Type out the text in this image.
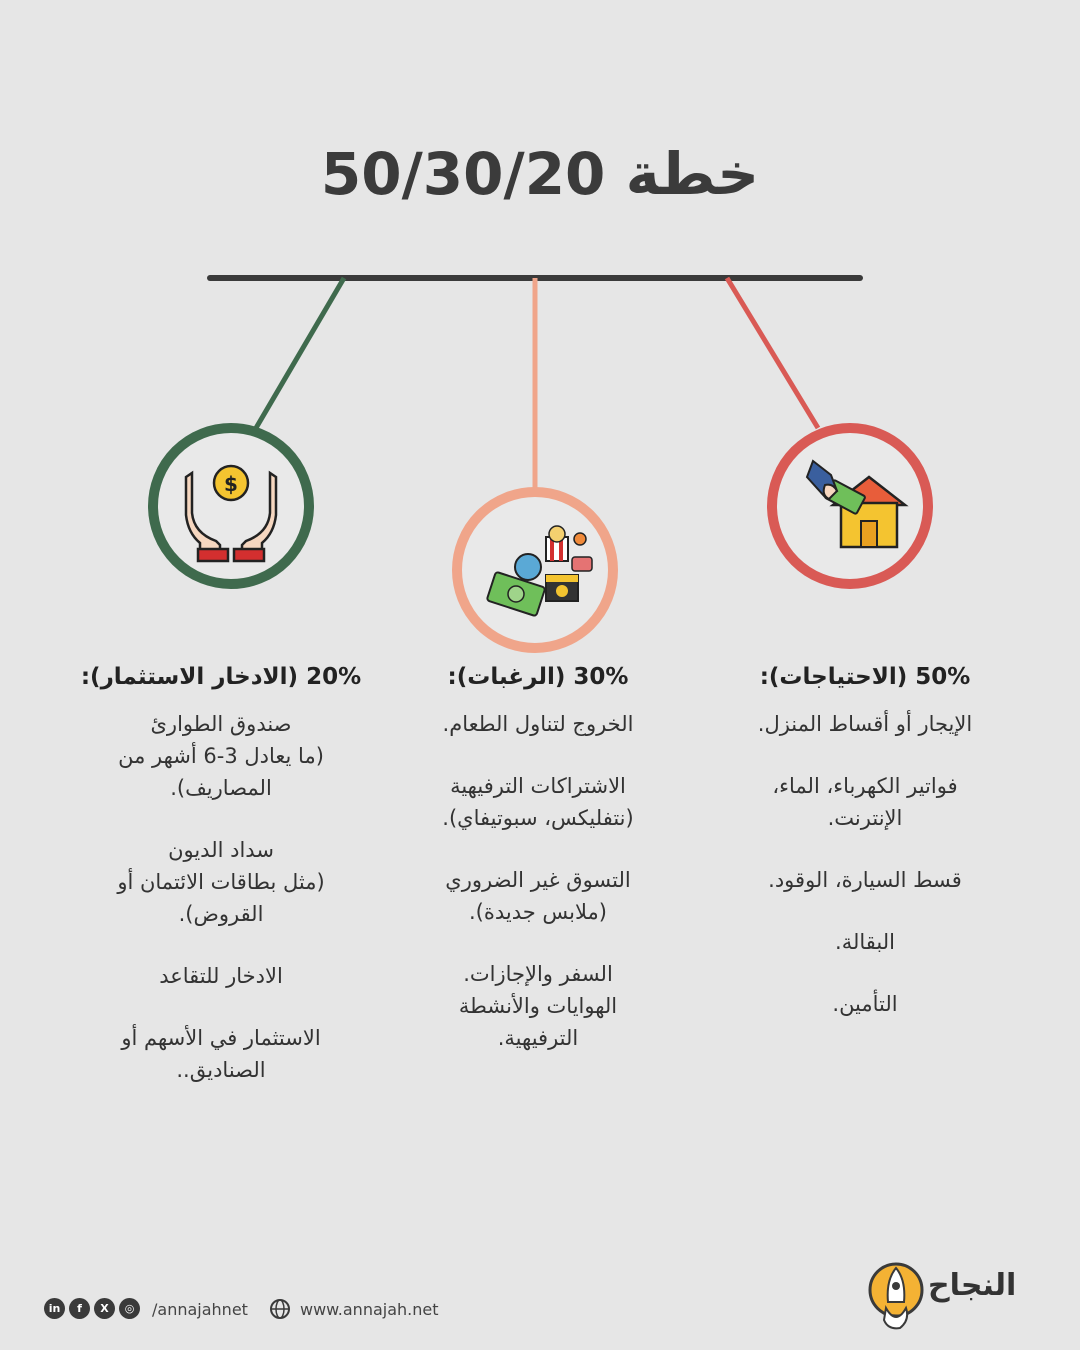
خطة 50/30/20
$
50% (الاحتياجات):

الإيجار أو أقساط المنزل.

فواتير الكهرباء، الماء،
الإنترنت.

قسط السيارة، الوقود.

البقالة.

التأمين.

30% (الرغبات):

الخروج لتناول الطعام.

الاشتراكات الترفيهية
(نتفليكس، سبوتيفاي).

التسوق غير الضروري
(ملابس جديدة).

السفر والإجازات.
الهوايات والأنشطة
الترفيهية.

20% (الادخار الاستثمار):

صندوق الطوارئ
(ما يعادل 3-6 أشهر من
المصاريف).

سداد الديون
(مثل بطاقات الائتمان أو
القروض).

الادخار للتقاعد

الاستثمار في الأسهم أو
الصناديق..

in	f	X	◎	/annajahnet	www.annajah.net
النجاح
